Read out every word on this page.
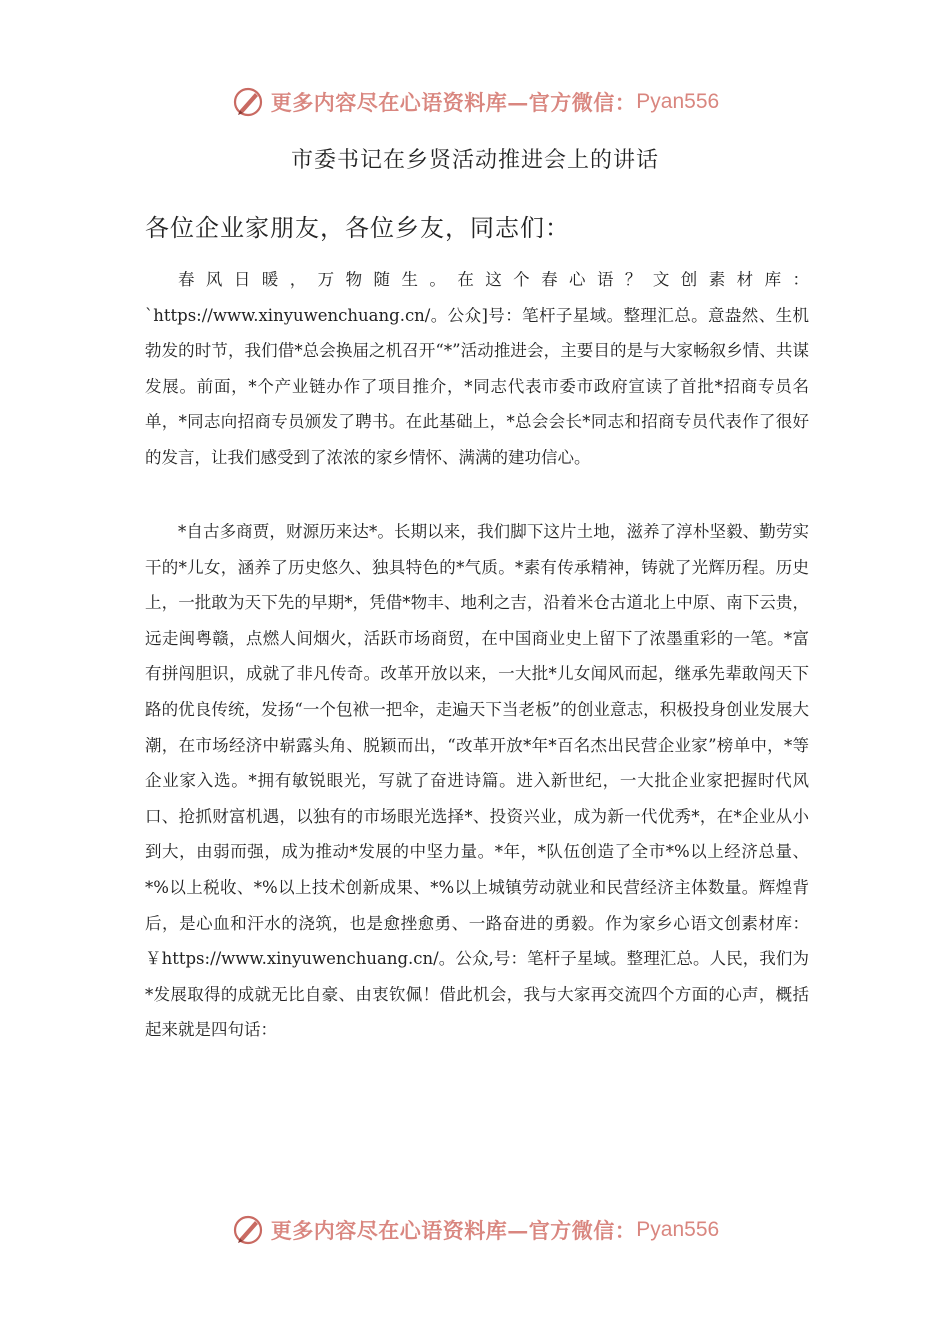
更多内容尽在心语资料库—官方微信： Pyan556
市委书记在乡贤活动推进会上的讲话
各位企业家朋友，各位乡友，同志们：

春风日暖，万物随生。在这个春心语？文创素材库：`https://www.xinyuwenchuang.cn/。公众]号：笔杆子星域。整理汇总。意盎然、生机勃发的时节，我们借*总会换届之机召开“*”活动推进会，主要目的是与大家畅叙乡情、共谋发展。前面，*个产业链办作了项目推介，*同志代表市委市政府宣读了首批*招商专员名单，*同志向招商专员颁发了聘书。在此基础上，*总会会长*同志和招商专员代表作了很好的发言，让我们感受到了浓浓的家乡情怀、满满的建功信心。

*自古多商贾，财源历来达*。长期以来，我们脚下这片土地，滋养了淳朴坚毅、勤劳实干的*儿女，涵养了历史悠久、独具特色的*气质。*素有传承精神，铸就了光辉历程。历史上，一批敢为天下先的早期*，凭借*物丰、地利之吉，沿着米仓古道北上中原、南下云贵，远走闽粤赣，点燃人间烟火，活跃市场商贸，在中国商业史上留下了浓墨重彩的一笔。*富有拼闯胆识，成就了非凡传奇。改革开放以来，一大批*儿女闻风而起，继承先辈敢闯天下路的优良传统，发扬“一个包袱一把伞，走遍天下当老板”的创业意志，积极投身创业发展大潮，在市场经济中崭露头角、脱颖而出，“改革开放*年*百名杰出民营企业家”榜单中，*等企业家入选。*拥有敏锐眼光，写就了奋进诗篇。进入新世纪，一大批企业家把握时代风口、抢抓财富机遇，以独有的市场眼光选择*、投资兴业，成为新一代优秀*，在*企业从小到大，由弱而强，成为推动*发展的中坚力量。*年，*队伍创造了全市*%以上经济总量、*%以上税收、*%以上技术创新成果、*%以上城镇劳动就业和民营经济主体数量。辉煌背后，是心血和汗水的浇筑，也是愈挫愈勇、一路奋进的勇毅。作为家乡心语文创素材库：￥https://www.xinyuwenchuang.cn/。公众,号：笔杆子星域。整理汇总。人民，我们为*发展取得的成就无比自豪、由衷钦佩！借此机会，我与大家再交流四个方面的心声，概括起来就是四句话：

更多内容尽在心语资料库—官方微信： Pyan556
